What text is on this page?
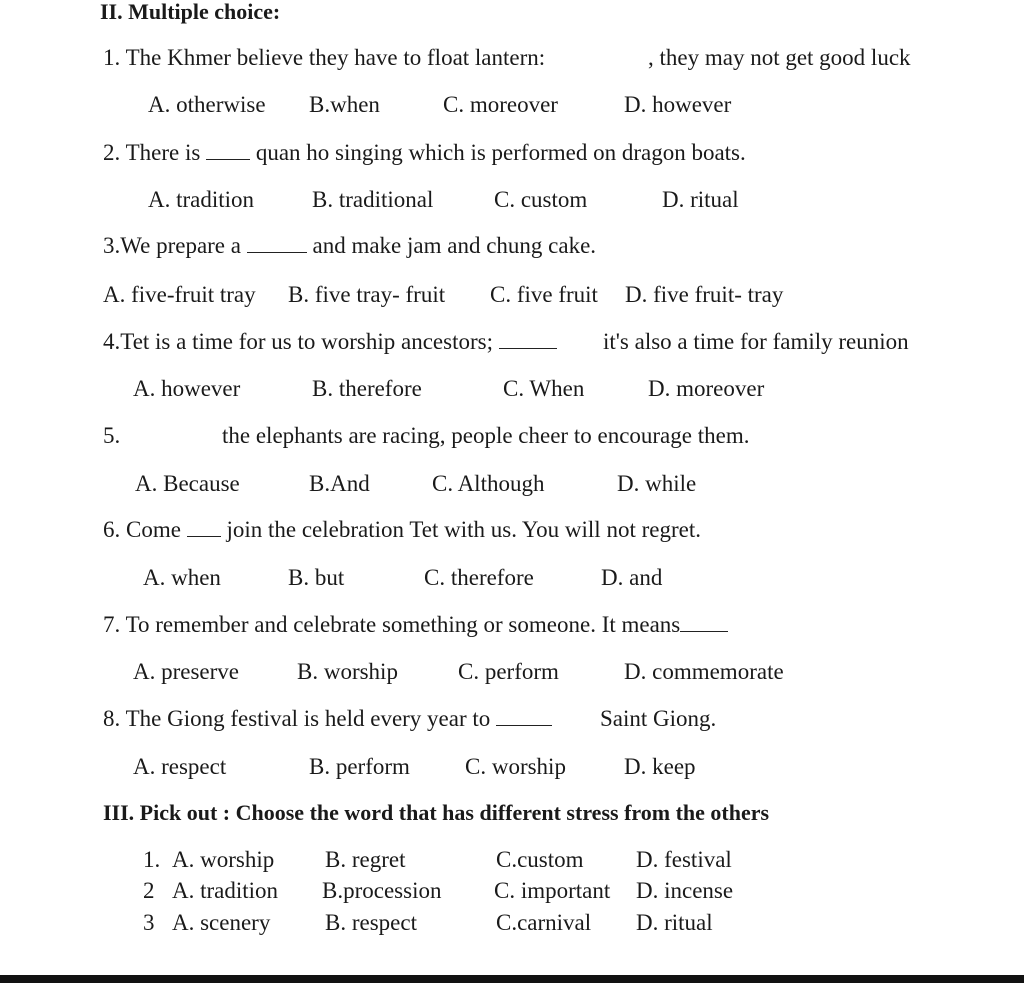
II. Multiple choice:
1. The Khmer believe they have to float lantern:	, they may not get good luck
A. otherwise B.when	C. moreover	D. however
2. There is quan ho singing which is performed on dragon boats.
A. tradition	B. traditional	C. custom	D. ritual
3.We prepare a	and make jam and chung cake.
A. five-fruit tray B. five tray- fruit C. five fruit D. five fruit- tray
4.Tet is a time for us to worship ancestors;	it's also a time for family reunion
A. however	B. therefore	C. When	D. moreover
5.	the elephants are racing, people cheer to encourage them.
A. Because	B.And	C. Although	D. while
6. Come join the celebration Tet with us. You will not regret.
A. when	B. but	C. therefore	D. and
7. To remember and celebrate something or someone. It means
A. preserve	B. worship	C. perform	D. commemorate
8. The Giong festival is held every year to	Saint Giong.
A. respect	B. perform C. worship	D. keep
III. Pick out : Choose the word that has different stress from the others
1. A. worship B. regret	C.custom D. festival
2 A. tradition B.procession C. important D. incense
3 A. scenery B. respect	C.carnival D. ritual
